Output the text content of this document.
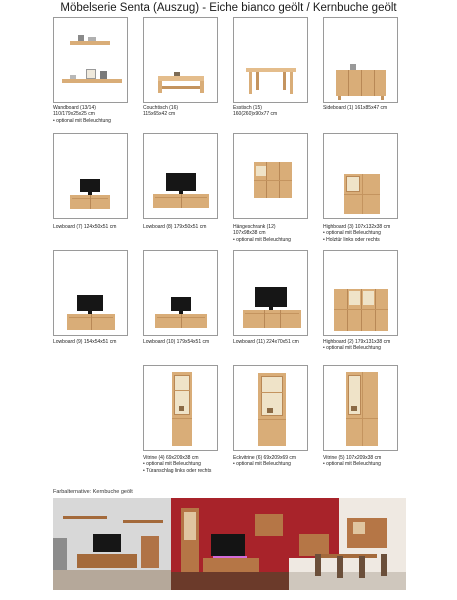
Möbelserie Senta (Auszug) - Eiche bianco geölt / Kernbuche geölt
Wandboard (13/14)
110/179x25x25 cm
• optional mit Beleuchtung
Couchtisch (16)
115x65x42 cm
Esstisch (15)
160(260)x90x77 cm
Sideboard (1) 161x85x47 cm
Lowboard (7) 124x50x51 cm	Lowboard (8) 179x50x51 cm	Hängeschrank (12)
107x98x38 cm
• optional mit Beleuchtung
Highboard (3) 107x132x38 cm
• optional mit Beleuchtung
• Holztür links oder rechts
Lowboard (9) 154x54x51 cm	Lowboard (10) 179x54x51 cm	Lowboard (11) 224x70x51 cm	Highboard (2) 179x131x38 cm
• optional mit Beleuchtung
Vitrine (4) 69x209x38 cm
• optional mit Beleuchtung
• Türanschlag links oder rechts
Eckvitrine (6) 69x209x69 cm
• optional mit Beleuchtung
Vitrine (5) 107x209x38 cm
• optional mit Beleuchtung
Farbalternative: Kernbuche geölt
